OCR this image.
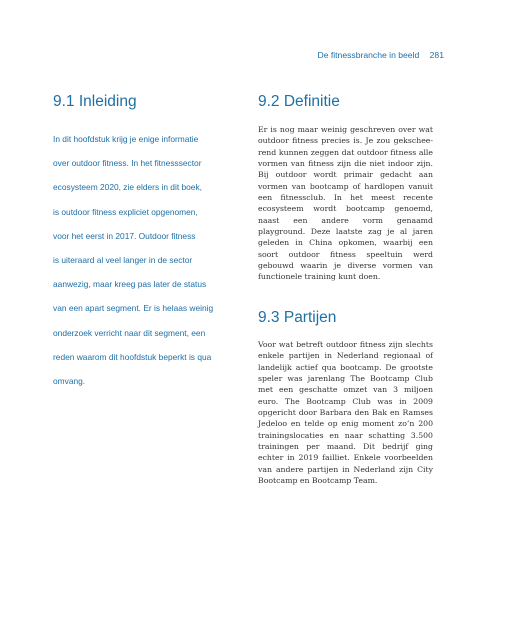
De fitnessbranche in beeld 281
9.1 Inleiding
In dit hoofdstuk krijg je enige informatie
over outdoor fitness. In het fitnesssector
ecosysteem 2020, zie elders in dit boek,
is outdoor fitness expliciet opgenomen,
voor het eerst in 2017. Outdoor fitness
is uiteraard al veel langer in de sector
aanwezig, maar kreeg pas later de status
van een apart segment. Er is helaas weinig
onderzoek verricht naar dit segment, een
reden waarom dit hoofdstuk beperkt is qua
omvang.
9.2 Definitie

Er is nog maar weinig geschreven over wat outdoor fitness precies is. Je zou gekscheerend kunnen zeggen dat outdoor fitness alle vormen van fitness zijn die niet indoor zijn. Bij outdoor wordt primair gedacht aan vormen van bootcamp of hardlopen vanuit een fitnessclub. In het meest recente ecosysteem wordt bootcamp genoemd, naast een andere vorm genaamd playground. Deze laatste zag je al jaren geleden in China opkomen, waarbij een soort outdoor fitness speeltuin werd gebouwd waarin je diverse vormen van functionele training kunt doen.

9.3 Partijen

Voor wat betreft outdoor fitness zijn slechts enkele partijen in Nederland regionaal of landelijk actief qua bootcamp. De grootste speler was jarenlang The Bootcamp Club met een geschatte omzet van 3 miljoen euro. The Bootcamp Club was in 2009 opgericht door Barbara den Bak en Ramses Jedeloo en telde op enig moment zo’n 200 trainingslocaties en naar schatting 3.500 trainingen per maand. Dit bedrijf ging echter in 2019 failliet. Enkele voorbeelden van andere partijen in Nederland zijn City Bootcamp en Bootcamp Team.
